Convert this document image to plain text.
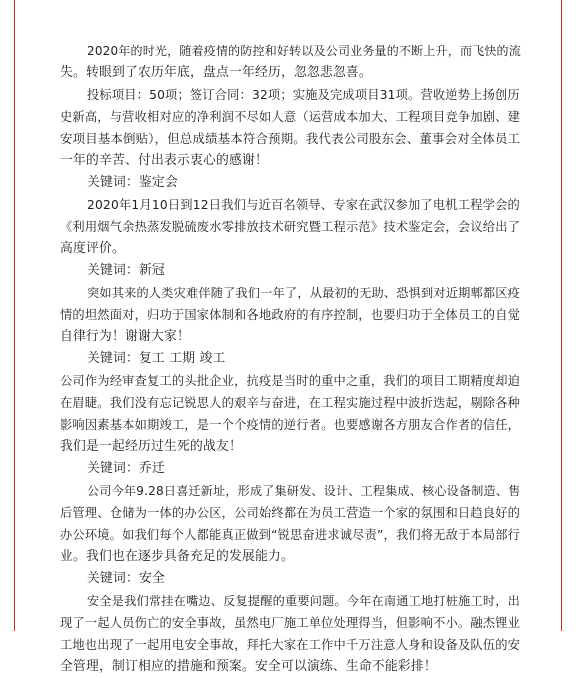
2020年的时光，随着疫情的防控和好转以及公司业务量的不断上升，而飞快的流
失。转眼到了农历年底，盘点一年经历，忽忽悲忽喜。
投标项目：50项；签订合同：32项；实施及完成项目31项。营收逆势上扬创历
史新高，与营收相对应的净利润不尽如人意（运营成本加大、工程项目竞争加剧、建
安项目基本倒贴），但总成绩基本符合预期。我代表公司股东会、董事会对全体员工
一年的辛苦、付出表示衷心的感谢！
关键词：鉴定会
2020年1月10日到12日我们与近百名领导、专家在武汉参加了电机工程学会的
《利用烟气余热蒸发脱硫废水零排放技术研究暨工程示范》技术鉴定会，会议给出了
高度评价。
关键词：新冠
突如其来的人类灾难伴随了我们一年了，从最初的无助、恐惧到对近期郫都区疫
情的坦然面对，归功于国家体制和各地政府的有序控制，也要归功于全体员工的自觉
自律行为！谢谢大家！
关键词：复工 工期 竣工
公司作为经审查复工的头批企业，抗疫是当时的重中之重，我们的项目工期精度却迫
在眉睫。我们没有忘记锐思人的艰辛与奋进，在工程实施过程中波折迭起，剔除各种
影响因素基本如期竣工，是一个个疫情的逆行者。也要感谢各方朋友合作者的信任，
我们是一起经历过生死的战友！
关键词：乔迁
公司今年9.28日喜迁新址，形成了集研发、设计、工程集成、核心设备制造、售
后管理、仓储为一体的办公区，公司始终都在为员工营造一个家的氛围和日趋良好的
办公环境。如我们每个人都能真正做到“锐思奋进求诚尽责”，我们将无敌于本局部行
业。我们也在逐步具备充足的发展能力。
关键词：安全
安全是我们常挂在嘴边、反复提醒的重要问题。今年在南通工地打桩施工时，出
现了一起人员伤亡的安全事故，虽然电厂施工单位处理得当，但影响不小。融杰锂业
工地也出现了一起用电安全事故，拜托大家在工作中千万注意人身和设备及队伍的安
全管理，制订相应的措施和预案。安全可以演练、生命不能彩排！
